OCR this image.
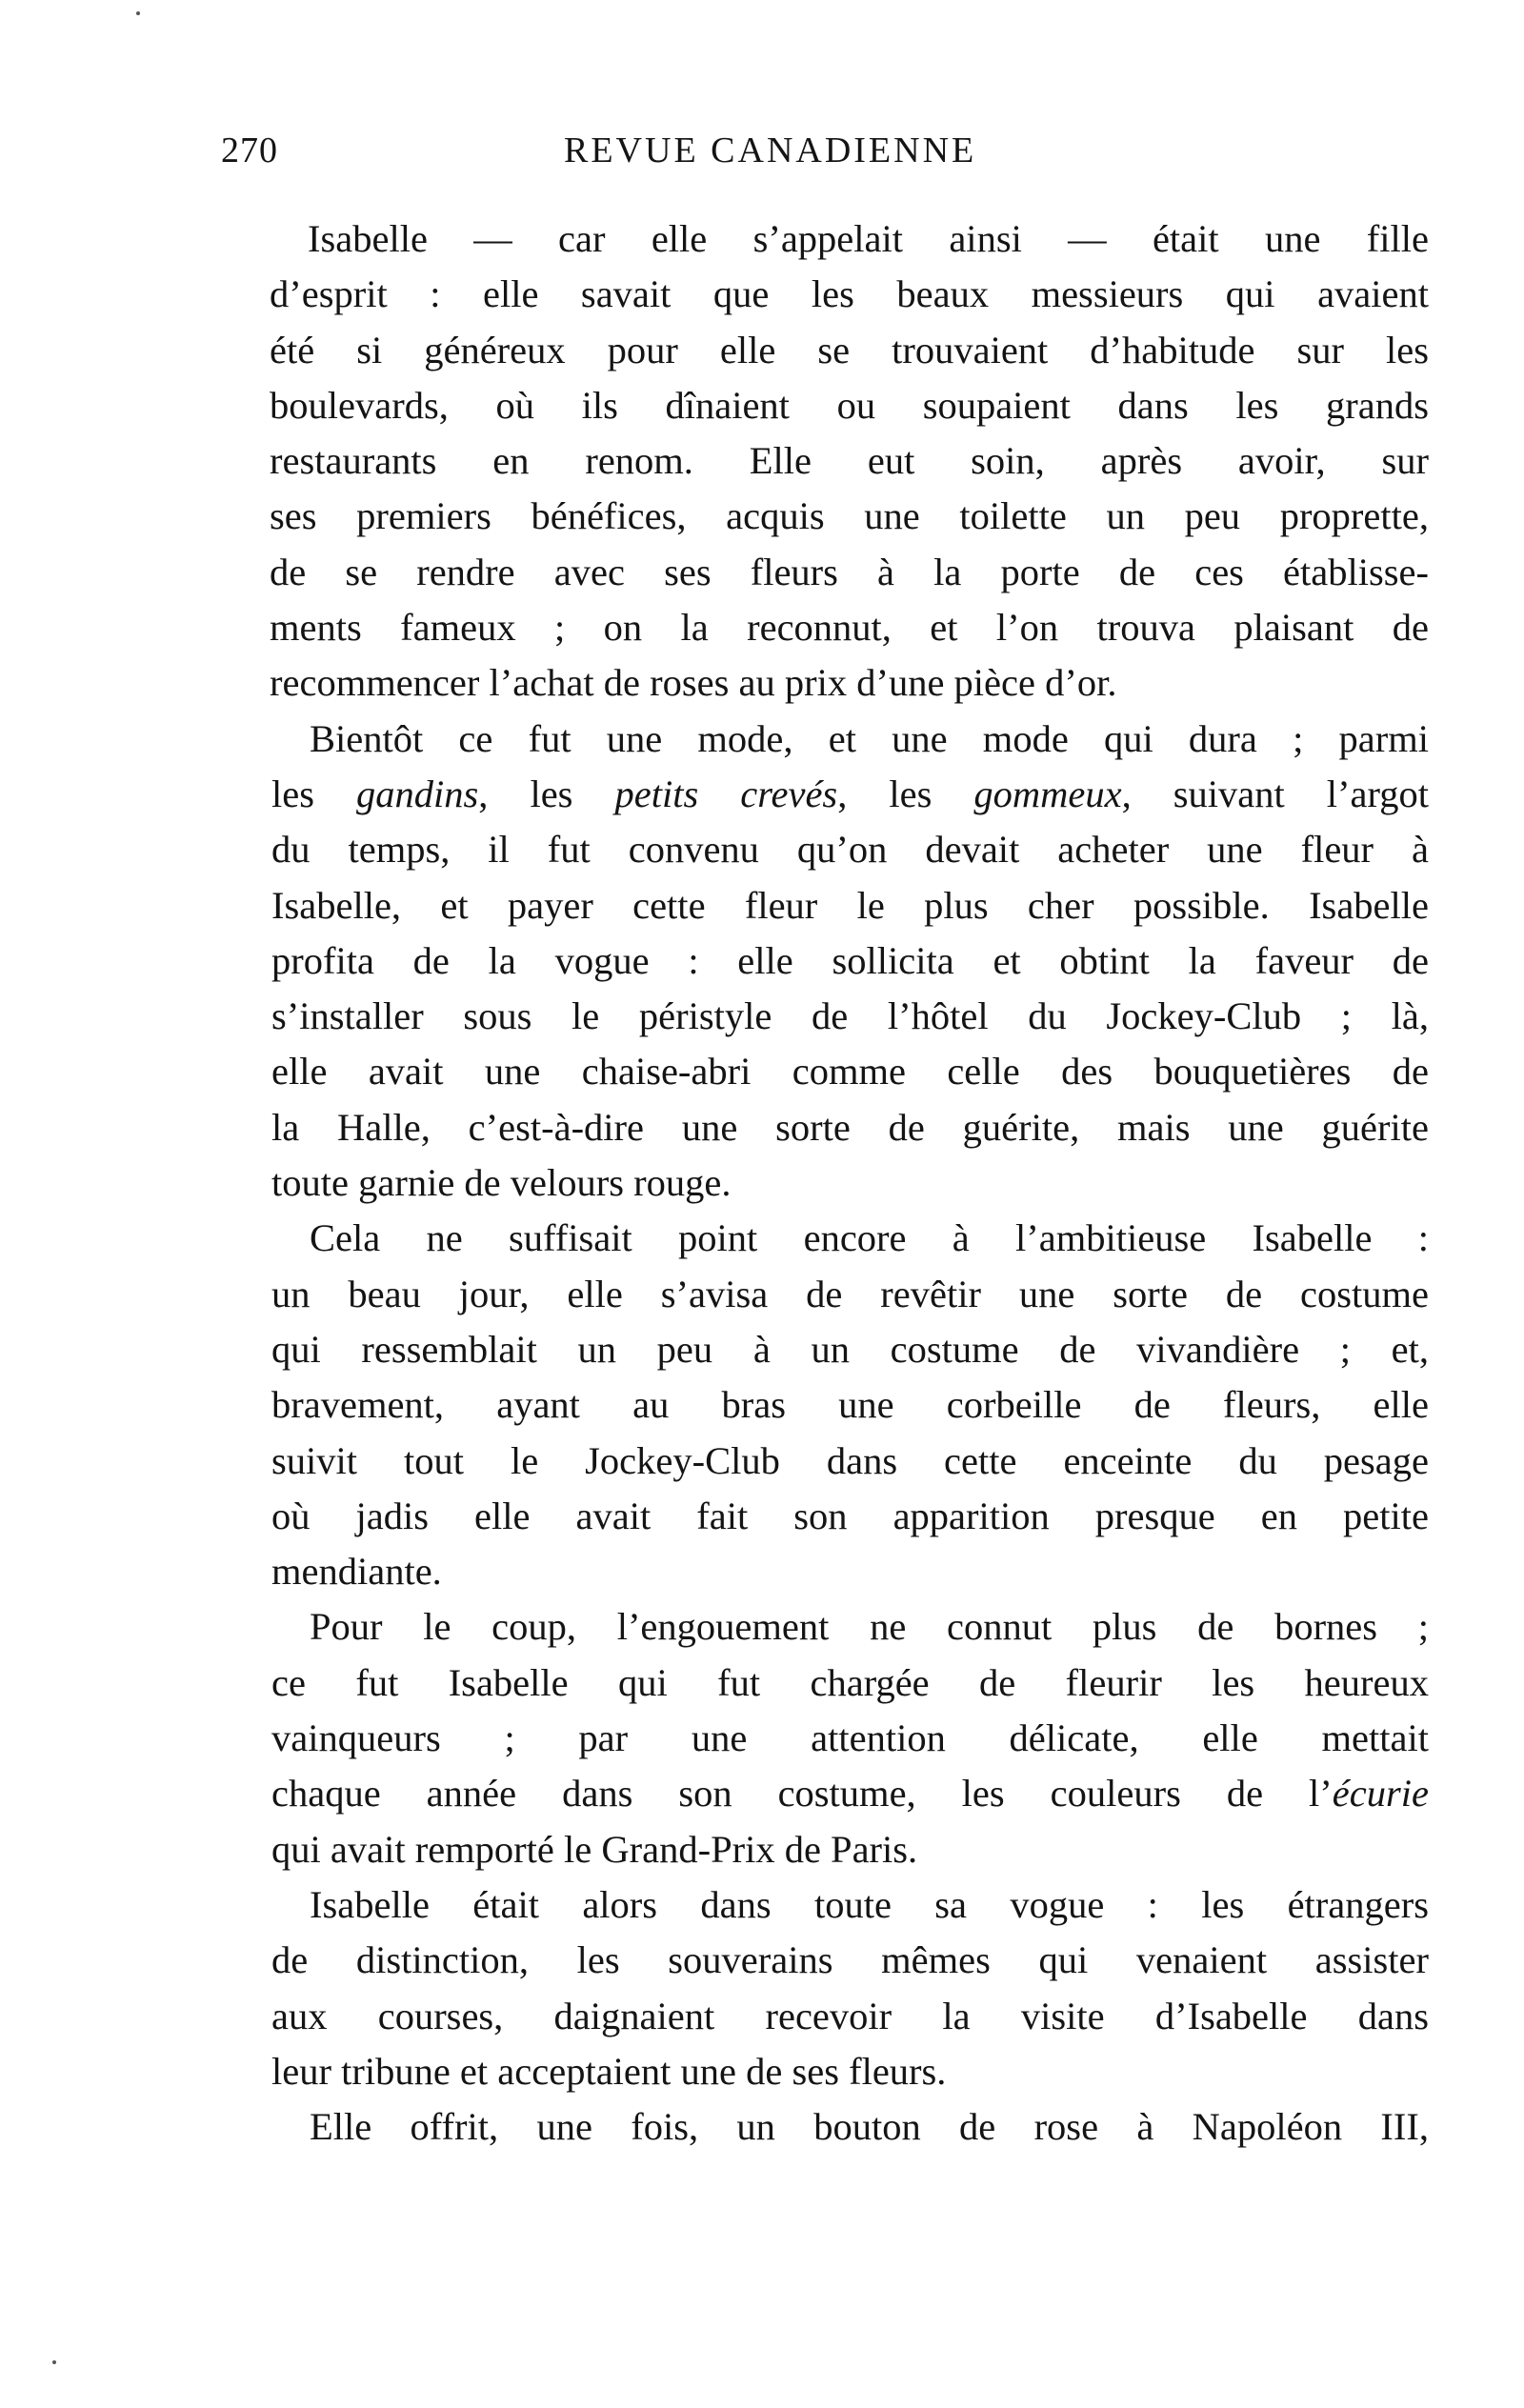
270	REVUE CANADIENNE

Isabelle — car elle s’appelait ainsi — était une fille
d’esprit : elle savait que les beaux messieurs qui avaient
été si généreux pour elle se trouvaient d’habitude sur les
boulevards, où ils dînaient ou soupaient dans les grands
restaurants en renom. Elle eut soin, après avoir, sur
ses premiers bénéfices, acquis une toilette un peu proprette,
de se rendre avec ses fleurs à la porte de ces établisse-
ments fameux ; on la reconnut, et l’on trouva plaisant de
recommencer l’achat de roses au prix d’une pièce d’or.

Bientôt ce fut une mode, et une mode qui dura ; parmi
les gandins, les petits crevés, les gommeux, suivant l’argot
du temps, il fut convenu qu’on devait acheter une fleur à
Isabelle, et payer cette fleur le plus cher possible. Isabelle
profita de la vogue : elle sollicita et obtint la faveur de
s’installer sous le péristyle de l’hôtel du Jockey-Club ; là,
elle avait une chaise-abri comme celle des bouquetières de
la Halle, c’est-à-dire une sorte de guérite, mais une guérite
toute garnie de velours rouge.

Cela ne suffisait point encore à l’ambitieuse Isabelle :
un beau jour, elle s’avisa de revêtir une sorte de costume
qui ressemblait un peu à un costume de vivandière ; et,
bravement, ayant au bras une corbeille de fleurs, elle
suivit tout le Jockey-Club dans cette enceinte du pesage
où jadis elle avait fait son apparition presque en petite
mendiante.

Pour le coup, l’engouement ne connut plus de bornes ;
ce fut Isabelle qui fut chargée de fleurir les heureux
vainqueurs ; par une attention délicate, elle mettait
chaque année dans son costume, les couleurs de l’écurie
qui avait remporté le Grand-Prix de Paris.

Isabelle était alors dans toute sa vogue : les étrangers
de distinction, les souverains mêmes qui venaient assister
aux courses, daignaient recevoir la visite d’Isabelle dans
leur tribune et acceptaient une de ses fleurs.

Elle offrit, une fois, un bouton de rose à Napoléon III,
